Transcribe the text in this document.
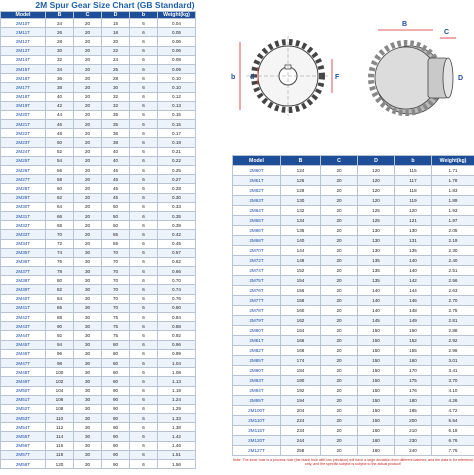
2M Spur Gear Size Chart (GB Standard)
Model	B	C	D	b	Weight(kg)
2M10T	24	20	15	6	0.04
2M11T	26	20	18	6	0.05
2M12T	28	20	20	6	0.06
2M13T	30	20	22	6	0.06
2M14T	32	20	24	6	0.08
2M15T	34	20	25	6	0.09
2M16T	36	20	28	6	0.10
2M17T	38	20	30	6	0.10
2M18T	40	20	32	6	0.12
2M19T	42	20	32	6	0.13
2M20T	44	20	35	6	0.15
2M21T	46	20	35	6	0.15
2M22T	48	20	36	6	0.17
2M23T	50	20	38	6	0.19
2M24T	52	20	40	6	0.21
2M25T	54	20	40	6	0.22
2M26T	56	20	45	6	0.25
2M27T	58	20	45	6	0.27
2M28T	60	20	45	6	0.28
2M29T	62	20	45	6	0.30
2M30T	64	20	50	6	0.33
2M31T	66	20	50	6	0.35
2M32T	68	20	50	6	0.39
2M33T	70	20	55	6	0.42
2M34T	72	20	55	6	0.45
2M35T	74	30	70	6	0.57
2M36T	76	30	70	6	0.62
2M37T	78	30	70	6	0.66
2M38T	80	30	70	6	0.70
2M39T	82	30	70	6	0.74
2M40T	84	30	70	6	0.76
2M41T	86	30	70	6	0.80
2M42T	88	30	75	6	0.84
2M43T	90	30	75	6	0.88
2M44T	92	30	75	6	0.92
2M45T	94	30	80	6	0.96
2M46T	96	30	80	6	0.99
2M47T	98	30	80	6	1.04
2M48T	100	30	80	6	1.08
2M49T	102	30	80	6	1.13
2M50T	104	30	90	6	1.19
2M51T	106	30	90	6	1.24
2M52T	108	30	90	6	1.29
2M53T	110	30	90	6	1.33
2M54T	112	30	90	6	1.38
2M55T	114	30	90	6	1.42
2M56T	116	30	90	6	1.46
2M57T	118	30	90	6	1.51
2M58T	120	30	90	6	1.56
b d	F
B
C
D
Model	B	C	D	b	Weight(kg)
2M60T	124	20	120	115	1.71
2M61T	126	20	120	117	1.78
2M62T	128	20	120	118	1.83
2M63T	130	20	120	119	1.89
2M64T	132	20	125	120	1.93
2M65T	134	20	125	121	1.97
2M66T	136	20	130	130	2.05
2M68T	140	20	130	131	2.19
2M70T	144	20	130	135	2.30
2M72T	148	20	135	140	2.40
2M74T	152	20	135	140	2.51
2M75T	154	20	135	142	2.56
2M76T	156	20	140	144	2.63
2M77T	158	20	140	146	2.70
2M78T	160	20	140	148	2.75
2M79T	162	20	145	149	2.81
2M80T	164	20	150	150	2.88
2M81T	166	20	150	152	2.92
2M82T	168	20	150	155	2.96
2M85T	174	20	150	160	3.01
2M90T	184	20	150	170	3.41
2M93T	190	20	150	175	3.70
2M94T	192	20	150	176	4.10
2M95T	194	20	150	180	4.26
2M100T	204	20	150	185	4.72
2M110T	224	20	150	200	5.54
2M115T	234	20	160	210	6.18
2M120T	244	20	160	230	6.76
2M127T	258	20	160	240	7.75
Note: The inner hole is a process hole (the blank hole with low precision) will have a large deviation from different batches, and the data is for reference only, and the specific subject is subject to the actual product!
